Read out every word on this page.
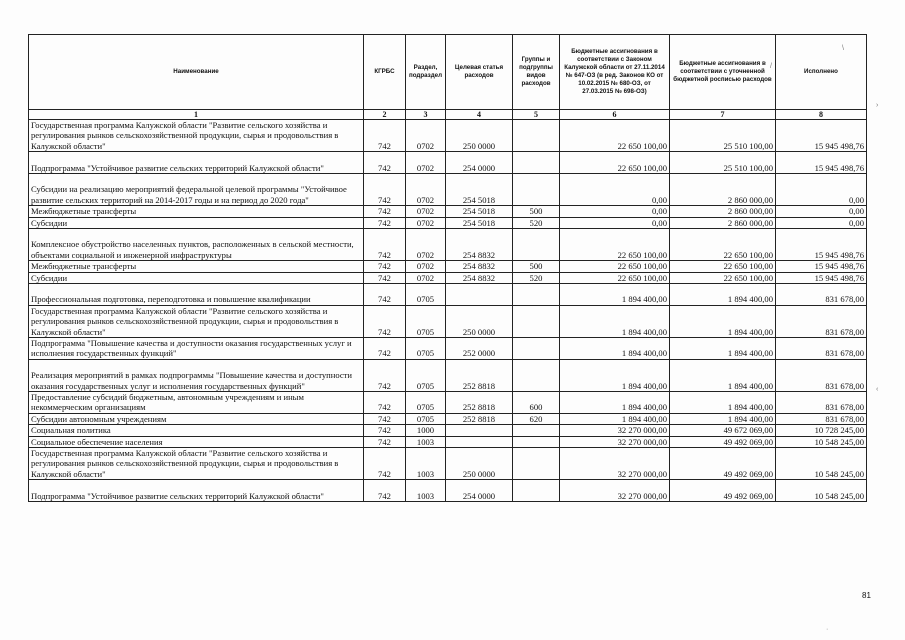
Наименование	КГРБС	Раздел, подраздел	Целевая статья расходов	Группы и подгруппы видов расходов	Бюджетные ассигнования в соответствии с Законом Калужской области от 27.11.2014 № 647-ОЗ (в ред. Законов КО от 10.02.2015 № 680-ОЗ, от 27.03.2015 № 698-ОЗ)	Бюджетные ассигнования в соответствии с уточненной бюджетной росписью расходов	Исполнено
1	2	3	4	5	6	7	8
Государственная программа Калужской области "Развитие сельского хозяйства и регулирования рынков сельскохозяйственной продукции, сырья и продовольствия в Калужской области"	742	0702	250 0000		22 650 100,00	25 510 100,00	15 945 498,76
Подпрограмма "Устойчивое развитие сельских территорий Калужской области"	742	0702	254 0000		22 650 100,00	25 510 100,00	15 945 498,76
Субсидии на реализацию мероприятий федеральной целевой программы "Устойчивое развитие сельских территорий на 2014-2017 годы и на период до 2020 года"	742	0702	254 5018		0,00	2 860 000,00	0,00
Межбюджетные трансферты	742	0702	254 5018	500	0,00	2 860 000,00	0,00
Субсидии	742	0702	254 5018	520	0,00	2 860 000,00	0,00
Комплексное обустройство населенных пунктов, расположенных в сельской местности, объектами социальной и инженерной инфраструктуры	742	0702	254 8832		22 650 100,00	22 650 100,00	15 945 498,76
Межбюджетные трансферты	742	0702	254 8832	500	22 650 100,00	22 650 100,00	15 945 498,76
Субсидии	742	0702	254 8832	520	22 650 100,00	22 650 100,00	15 945 498,76
Профессиональная подготовка, переподготовка и повышение квалификации	742	0705			1 894 400,00	1 894 400,00	831 678,00
Государственная программа Калужской области "Развитие сельского хозяйства и регулирования рынков сельскохозяйственной продукции, сырья и продовольствия в Калужской области"	742	0705	250 0000		1 894 400,00	1 894 400,00	831 678,00
Подпрограмма "Повышение качества и доступности оказания государственных услуг и исполнения государственных функций"	742	0705	252 0000		1 894 400,00	1 894 400,00	831 678,00
Реализация мероприятий в рамках подпрограммы "Повышение качества и доступности оказания государственных услуг и исполнения государственных функций"	742	0705	252 8818		1 894 400,00	1 894 400,00	831 678,00
Предоставление субсидий бюджетным, автономным учреждениям и иным некоммерческим организациям	742	0705	252 8818	600	1 894 400,00	1 894 400,00	831 678,00
Субсидии автономным учреждениям	742	0705	252 8818	620	1 894 400,00	1 894 400,00	831 678,00
Социальная политика	742	1000			32 270 000,00	49 672 069,00	10 728 245,00
Социальное обеспечение населения	742	1003			32 270 000,00	49 492 069,00	10 548 245,00
Государственная программа Калужской области "Развитие сельского хозяйства и регулирования рынков сельскохозяйственной продукции, сырья и продовольствия в Калужской области"	742	1003	250 0000		32 270 000,00	49 492 069,00	10 548 245,00
Подпрограмма "Устойчивое развитие сельских территорий Калужской области"	742	1003	254 0000		32 270 000,00	49 492 069,00	10 548 245,00
81
\
/
›
‹
·
